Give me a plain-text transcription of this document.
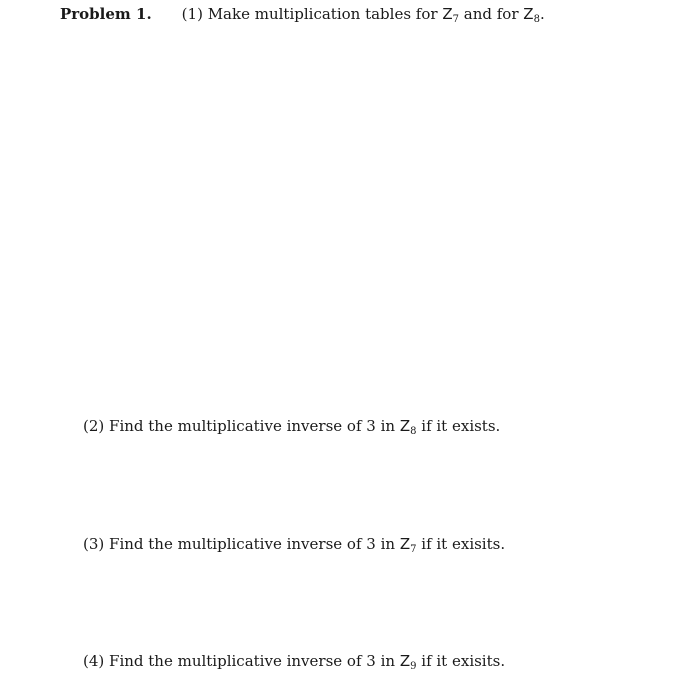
Problem 1. (1) Make multiplication tables for $Z_7$ and for $Z_8$.
(2) Find the multiplicative inverse of 3 in $Z_8$ if it exists.
(3) Find the multiplicative inverse of 3 in $Z_7$ if it exisits.
(4) Find the multiplicative inverse of 3 in $Z_9$ if it exisits.
